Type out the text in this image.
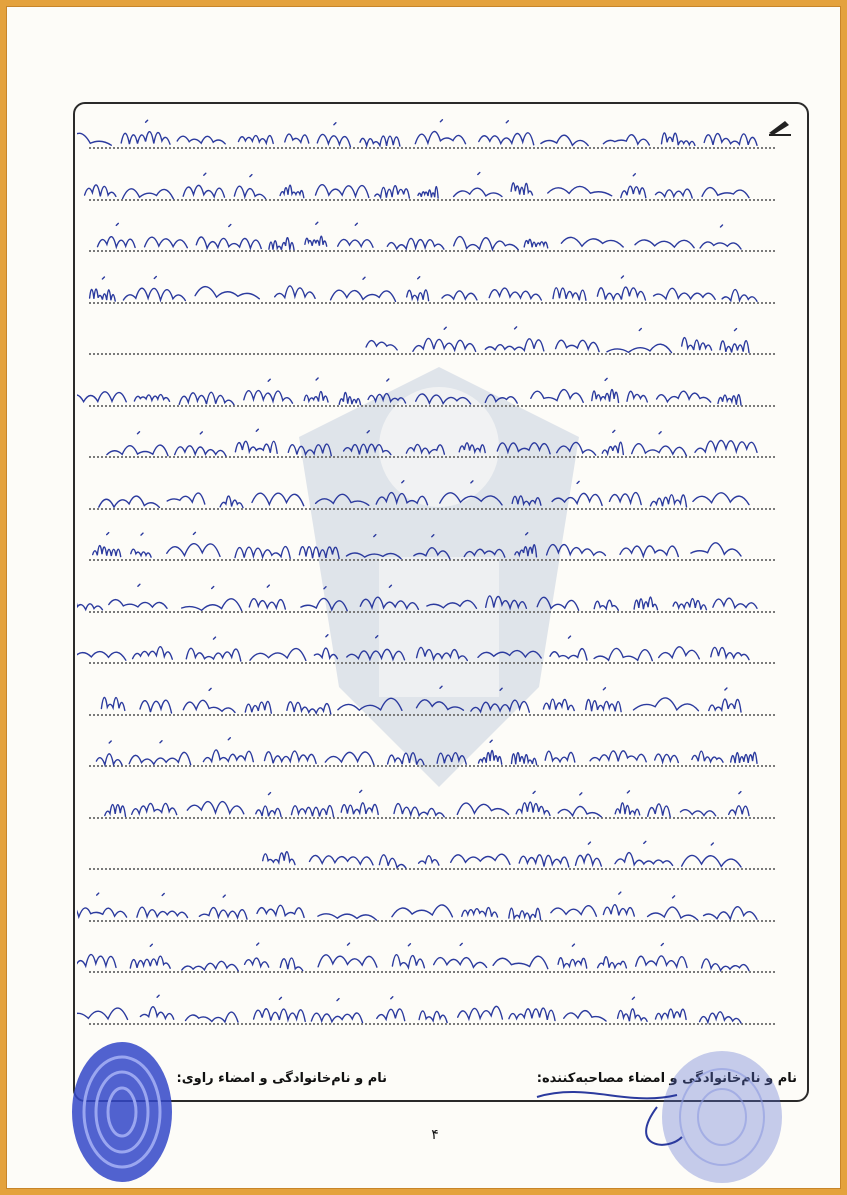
نام و نام‌خانوادگی و امضاء مصاحبه‌کننده:
نام و نام‌خانوادگی و امضاء راوی:
۴
